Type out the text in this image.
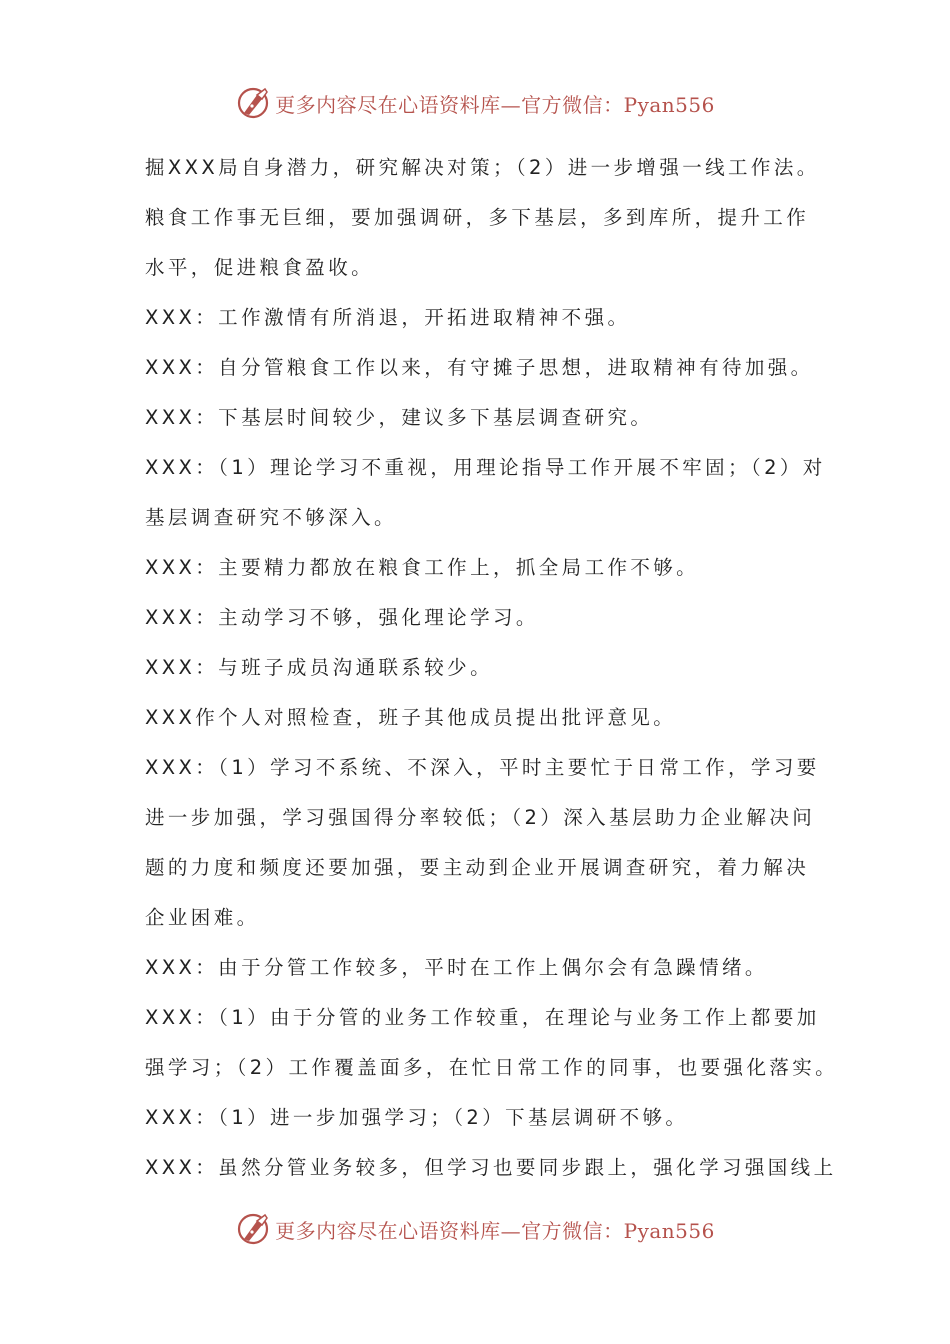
更多内容尽在心语资料库—官方微信：Pyan556
掘XXX局自身潜力，研究解决对策；（2）进一步增强一线工作法。
粮食工作事无巨细，要加强调研，多下基层，多到库所，提升工作
水平，促进粮食盈收。
XXX：工作激情有所消退，开拓进取精神不强。
XXX：自分管粮食工作以来，有守摊子思想，进取精神有待加强。
XXX：下基层时间较少，建议多下基层调查研究。
XXX：（1）理论学习不重视，用理论指导工作开展不牢固；（2）对
基层调查研究不够深入。
XXX：主要精力都放在粮食工作上，抓全局工作不够。
XXX：主动学习不够，强化理论学习。
XXX：与班子成员沟通联系较少。
XXX作个人对照检查，班子其他成员提出批评意见。
XXX：（1）学习不系统、不深入，平时主要忙于日常工作，学习要
进一步加强，学习强国得分率较低；（2）深入基层助力企业解决问
题的力度和频度还要加强，要主动到企业开展调查研究，着力解决
企业困难。
XXX：由于分管工作较多，平时在工作上偶尔会有急躁情绪。
XXX：（1）由于分管的业务工作较重，在理论与业务工作上都要加
强学习；（2）工作覆盖面多，在忙日常工作的同事，也要强化落实。
XXX：（1）进一步加强学习；（2）下基层调研不够。
XXX：虽然分管业务较多，但学习也要同步跟上，强化学习强国线上
更多内容尽在心语资料库—官方微信：Pyan556
